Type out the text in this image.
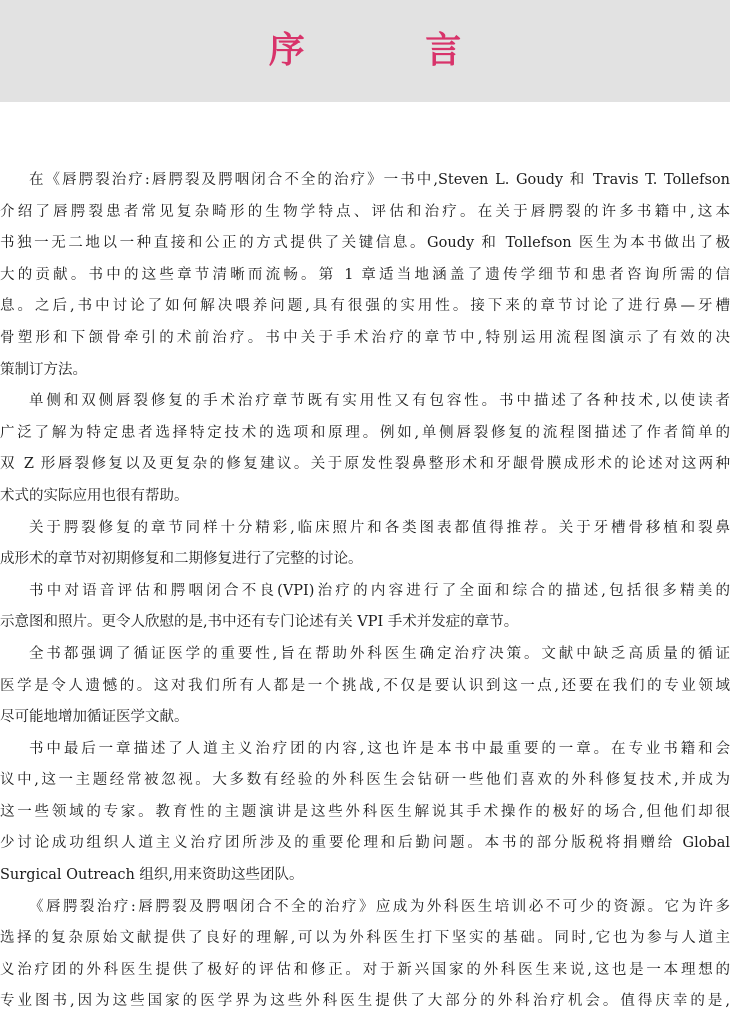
序 言
在《唇腭裂治疗:唇腭裂及腭咽闭合不全的治疗》一书中,Steven L. Goudy 和 Travis T. Tollefson
介绍了唇腭裂患者常见复杂畸形的生物学特点、评估和治疗。在关于唇腭裂的许多书籍中,这本
书独一无二地以一种直接和公正的方式提供了关键信息。Goudy 和 Tollefson 医生为本书做出了极
大的贡献。书中的这些章节清晰而流畅。第 1 章适当地涵盖了遗传学细节和患者咨询所需的信
息。之后,书中讨论了如何解决喂养问题,具有很强的实用性。接下来的章节讨论了进行鼻—牙槽
骨塑形和下颌骨牵引的术前治疗。书中关于手术治疗的章节中,特别运用流程图演示了有效的决
策制订方法。
单侧和双侧唇裂修复的手术治疗章节既有实用性又有包容性。书中描述了各种技术,以使读者
广泛了解为特定患者选择特定技术的选项和原理。例如,单侧唇裂修复的流程图描述了作者简单的
双 Z 形唇裂修复以及更复杂的修复建议。关于原发性裂鼻整形术和牙龈骨膜成形术的论述对这两种
术式的实际应用也很有帮助。
关于腭裂修复的章节同样十分精彩,临床照片和各类图表都值得推荐。关于牙槽骨移植和裂鼻
成形术的章节对初期修复和二期修复进行了完整的讨论。
书中对语音评估和腭咽闭合不良(VPI)治疗的内容进行了全面和综合的描述,包括很多精美的
示意图和照片。更令人欣慰的是,书中还有专门论述有关 VPI 手术并发症的章节。
全书都强调了循证医学的重要性,旨在帮助外科医生确定治疗决策。文献中缺乏高质量的循证
医学是令人遗憾的。这对我们所有人都是一个挑战,不仅是要认识到这一点,还要在我们的专业领域
尽可能地增加循证医学文献。
书中最后一章描述了人道主义治疗团的内容,这也许是本书中最重要的一章。在专业书籍和会
议中,这一主题经常被忽视。大多数有经验的外科医生会钻研一些他们喜欢的外科修复技术,并成为
这一些领域的专家。教育性的主题演讲是这些外科医生解说其手术操作的极好的场合,但他们却很
少讨论成功组织人道主义治疗团所涉及的重要伦理和后勤问题。本书的部分版税将捐赠给 Global
Surgical Outreach 组织,用来资助这些团队。
《唇腭裂治疗:唇腭裂及腭咽闭合不全的治疗》应成为外科医生培训必不可少的资源。它为许多
选择的复杂原始文献提供了良好的理解,可以为外科医生打下坚实的基础。同时,它也为参与人道主
义治疗团的外科医生提供了极好的评估和修正。对于新兴国家的外科医生来说,这也是一本理想的
专业图书,因为这些国家的医学界为这些外科医生提供了大部分的外科治疗机会。值得庆幸的是,
